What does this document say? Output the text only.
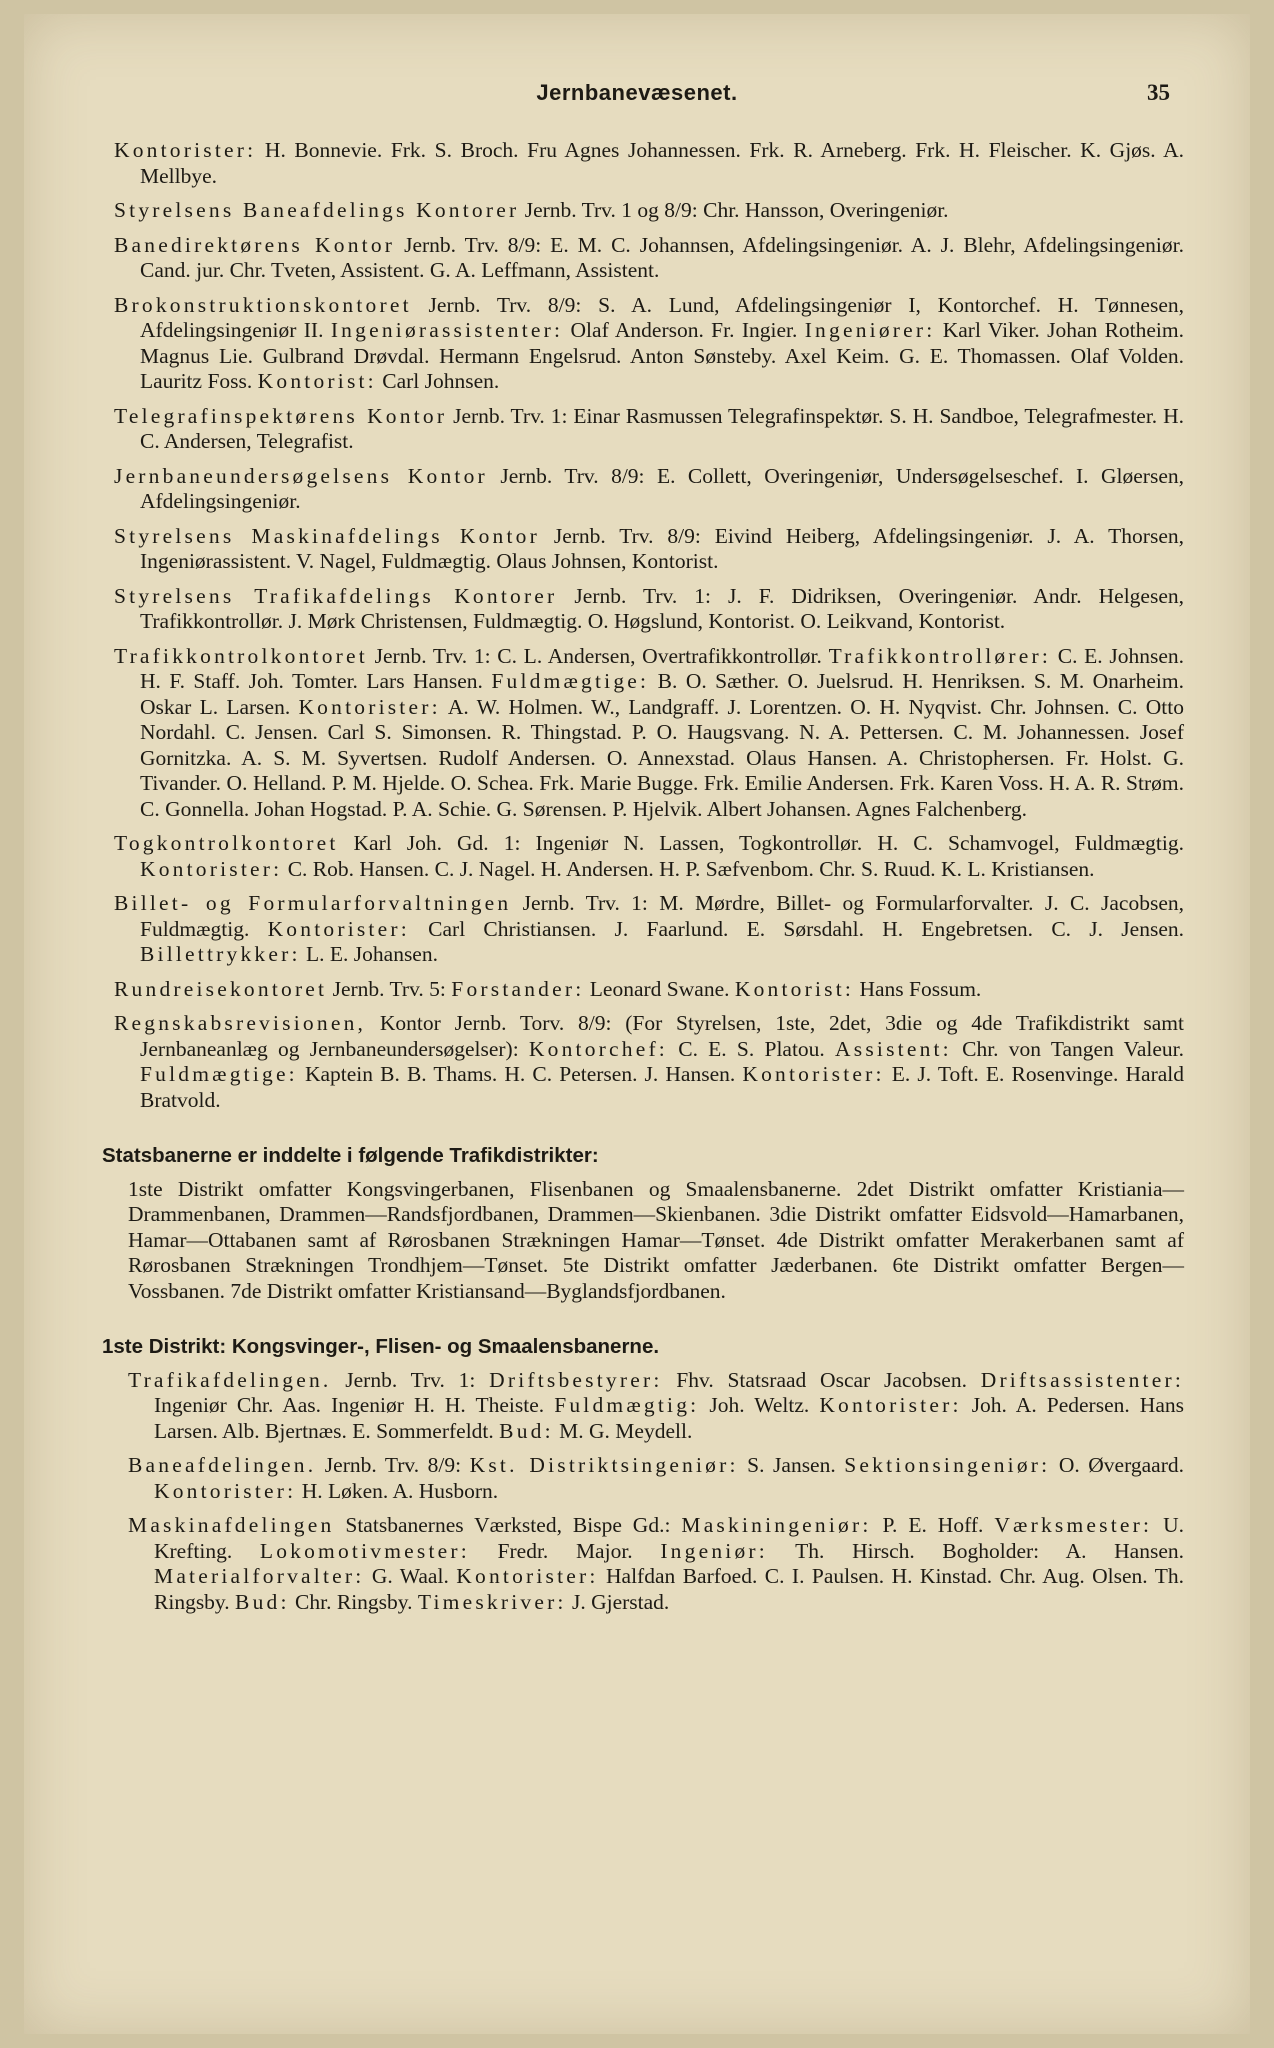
Jernbanevæsenet.	35

Kontorister: H. Bonnevie. Frk. S. Broch. Fru Agnes Johannessen. Frk. R. Arneberg. Frk. H. Fleischer. K. Gjøs. A. Mellbye.

Styrelsens Baneafdelings Kontorer Jernb. Trv. 1 og 8/9: Chr. Hansson, Overingeniør.

Banedirektørens Kontor Jernb. Trv. 8/9: E. M. C. Johannsen, Afdelingsingeniør. A. J. Blehr, Afdelingsingeniør. Cand. jur. Chr. Tveten, Assistent. G. A. Leffmann, Assistent.

Brokonstruktionskontoret Jernb. Trv. 8/9: S. A. Lund, Afdelingsingeniør I, Kontorchef. H. Tønnesen, Afdelingsingeniør II. Ingeniørassistenter: Olaf Anderson. Fr. Ingier. Ingeniører: Karl Viker. Johan Rotheim. Magnus Lie. Gulbrand Drøvdal. Hermann Engelsrud. Anton Sønsteby. Axel Keim. G. E. Thomassen. Olaf Volden. Lauritz Foss. Kontorist: Carl Johnsen.

Telegrafinspektørens Kontor Jernb. Trv. 1: Einar Rasmussen Telegrafinspektør. S. H. Sandboe, Telegrafmester. H. C. Andersen, Telegrafist.

Jernbaneundersøgelsens Kontor Jernb. Trv. 8/9: E. Collett, Overingeniør, Undersøgelseschef. I. Gløersen, Afdelingsingeniør.

Styrelsens Maskinafdelings Kontor Jernb. Trv. 8/9: Eivind Heiberg, Afdelingsingeniør. J. A. Thorsen, Ingeniørassistent. V. Nagel, Fuldmægtig. Olaus Johnsen, Kontorist.

Styrelsens Trafikafdelings Kontorer Jernb. Trv. 1: J. F. Didriksen, Overingeniør. Andr. Helgesen, Trafikkontrollør. J. Mørk Christensen, Fuldmægtig. O. Høgslund, Kontorist. O. Leikvand, Kontorist.

Trafikkontrolkontoret Jernb. Trv. 1: C. L. Andersen, Overtrafikkontrollør. Trafikkontrollører: C. E. Johnsen. H. F. Staff. Joh. Tomter. Lars Hansen. Fuldmægtige: B. O. Sæther. O. Juelsrud. H. Henriksen. S. M. Onarheim. Oskar L. Larsen. Kontorister: A. W. Holmen. W., Landgraff. J. Lorentzen. O. H. Nyqvist. Chr. Johnsen. C. Otto Nordahl. C. Jensen. Carl S. Simonsen. R. Thingstad. P. O. Haugsvang. N. A. Pettersen. C. M. Johannessen. Josef Gornitzka. A. S. M. Syvertsen. Rudolf Andersen. O. Annexstad. Olaus Hansen. A. Christophersen. Fr. Holst. G. Tivander. O. Helland. P. M. Hjelde. O. Schea. Frk. Marie Bugge. Frk. Emilie Andersen. Frk. Karen Voss. H. A. R. Strøm. C. Gonnella. Johan Hogstad. P. A. Schie. G. Sørensen. P. Hjelvik. Albert Johansen. Agnes Falchenberg.

Togkontrolkontoret Karl Joh. Gd. 1: Ingeniør N. Lassen, Togkontrollør. H. C. Schamvogel, Fuldmægtig. Kontorister: C. Rob. Hansen. C. J. Nagel. H. Andersen. H. P. Sæfvenbom. Chr. S. Ruud. K. L. Kristiansen.

Billet- og Formularforvaltningen Jernb. Trv. 1: M. Mørdre, Billet- og Formularforvalter. J. C. Jacobsen, Fuldmægtig. Kontorister: Carl Christiansen. J. Faarlund. E. Sørsdahl. H. Engebretsen. C. J. Jensen. Billettrykker: L. E. Johansen.

Rundreisekontoret Jernb. Trv. 5: Forstander: Leonard Swane. Kontorist: Hans Fossum.

Regnskabsrevisionen, Kontor Jernb. Torv. 8/9: (For Styrelsen, 1ste, 2det, 3die og 4de Trafikdistrikt samt Jernbaneanlæg og Jernbaneundersøgelser): Kontorchef: C. E. S. Platou. Assistent: Chr. von Tangen Valeur. Fuldmægtige: Kaptein B. B. Thams. H. C. Petersen. J. Hansen. Kontorister: E. J. Toft. E. Rosenvinge. Harald Bratvold.

Statsbanerne er inddelte i følgende Trafikdistrikter:

1ste Distrikt omfatter Kongsvingerbanen, Flisenbanen og Smaalensbanerne. 2det Distrikt omfatter Kristiania—Drammenbanen, Drammen—Randsfjordbanen, Drammen—Skienbanen. 3die Distrikt omfatter Eidsvold—Hamarbanen, Hamar—Ottabanen samt af Rørosbanen Strækningen Hamar—Tønset. 4de Distrikt omfatter Merakerbanen samt af Rørosbanen Strækningen Trondhjem—Tønset. 5te Distrikt omfatter Jæderbanen. 6te Distrikt omfatter Bergen—Vossbanen. 7de Distrikt omfatter Kristiansand—Byglandsfjordbanen.

1ste Distrikt: Kongsvinger-, Flisen- og Smaalensbanerne.

Trafikafdelingen. Jernb. Trv. 1: Driftsbestyrer: Fhv. Statsraad Oscar Jacobsen. Driftsassistenter: Ingeniør Chr. Aas. Ingeniør H. H. Theiste. Fuldmægtig: Joh. Weltz. Kontorister: Joh. A. Pedersen. Hans Larsen. Alb. Bjertnæs. E. Sommerfeldt. Bud: M. G. Meydell.

Baneafdelingen. Jernb. Trv. 8/9: Kst. Distriktsingeniør: S. Jansen. Sektionsingeniør: O. Øvergaard. Kontorister: H. Løken. A. Husborn.

Maskinafdelingen Statsbanernes Værksted, Bispe Gd.: Maskiningeniør: P. E. Hoff. Værksmester: U. Krefting. Lokomotivmester: Fredr. Major. Ingeniør: Th. Hirsch. Bogholder: A. Hansen. Materialforvalter: G. Waal. Kontorister: Halfdan Barfoed. C. I. Paulsen. H. Kinstad. Chr. Aug. Olsen. Th. Ringsby. Bud: Chr. Ringsby. Timeskriver: J. Gjerstad.
